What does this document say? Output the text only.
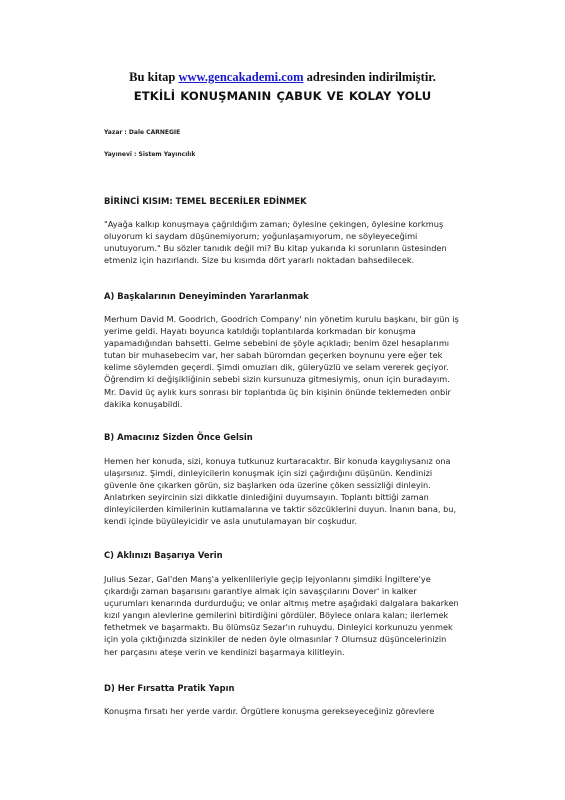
Bu kitap www.gencakademi.com adresinden indirilmiştir.
ETKİLİ KONUŞMANIN ÇABUK VE KOLAY YOLU
Yazar : Dale CARNEGIE
Yayınevi : Sistem Yayıncılık
BİRİNCİ KISIM: TEMEL BECERİLER EDİNMEK
"Ayağa kalkıp konuşmaya çağrıldığım zaman; öylesine çekingen, öylesine korkmuş
oluyorum ki saydam düşünemiyorum; yoğunlaşamıyorum, ne söyleyeceğimi
unutuyorum." Bu sözler tanıdık değil mi? Bu kitap yukarıda ki sorunların üstesinden
etmeniz için hazırlandı. Size bu kısımda dört yararlı noktadan bahsedilecek.
A) Başkalarının Deneyiminden Yararlanmak
Merhum David M. Goodrich, Goodrich Company' nin yönetim kurulu başkanı, bir gün iş
yerime geldi. Hayatı boyunca katıldığı toplantılarda korkmadan bir konuşma
yapamadığından bahsetti. Gelme sebebini de şöyle açıkladı; benim özel hesaplarımı
tutan bir muhasebecim var, her sabah büromdan geçerken boynunu yere eğer tek
kelime söylemden geçerdi. Şimdi omuzları dik, güleryüzlü ve selam vererek geçiyor.
Öğrendim ki değişikliğinin sebebi sizin kursunuza gitmesiymiş, onun için buradayım.
Mr. David üç aylık kurs sonrası bir toplantıda üç bin kişinin önünde teklemeden onbir
dakika konuşabildi.
B) Amacınız Sizden Önce Gelsin
Hemen her konuda, sizi, konuya tutkunuz kurtaracaktır. Bir konuda kaygılıysanız ona
ulaşırsınız. Şimdi, dinleyicilerin konuşmak için sizi çağırdığını düşünün. Kendinizi
güvenle öne çıkarken görün, siz başlarken oda üzerine çöken sessizliği dinleyin.
Anlatırken seyircinin sizi dikkatle dinlediğini duyumsayın. Toplantı bittiği zaman
dinleyicilerden kimilerinin kutlamalarına ve taktir sözcüklerini duyun. İnanın bana, bu,
kendi içinde büyüleyicidir ve asla unutulamayan bir coşkudur.
C) Aklınızı Başarıya Verin
Julius Sezar, Gal'den Manş'a yelkenlileriyle geçip lejyonlarını şimdiki İngiltere'ye
çıkardığı zaman başarısını garantiye almak için savaşçılarını Dover' in kalker
uçurumları kenarında durdurduğu; ve onlar altmış metre aşağıdaki dalgalara bakarken
kızıl yangın alevlerine gemilerini bitirdiğini gördüler. Böylece onlara kalan; ilerlemek
fethetmek ve başarmaktı. Bu ölümsüz Sezar'ın ruhuydu. Dinleyici korkunuzu yenmek
için yola çıktığınızda sizinkiler de neden öyle olmasınlar ? Olumsuz düşüncelerinizin
her parçasını ateşe verin ve kendinizi başarmaya kilitleyin.
D) Her Fırsatta Pratik Yapın
Konuşma fırsatı her yerde vardır. Örgütlere konuşma gerekseyeceğiniz görevlere
